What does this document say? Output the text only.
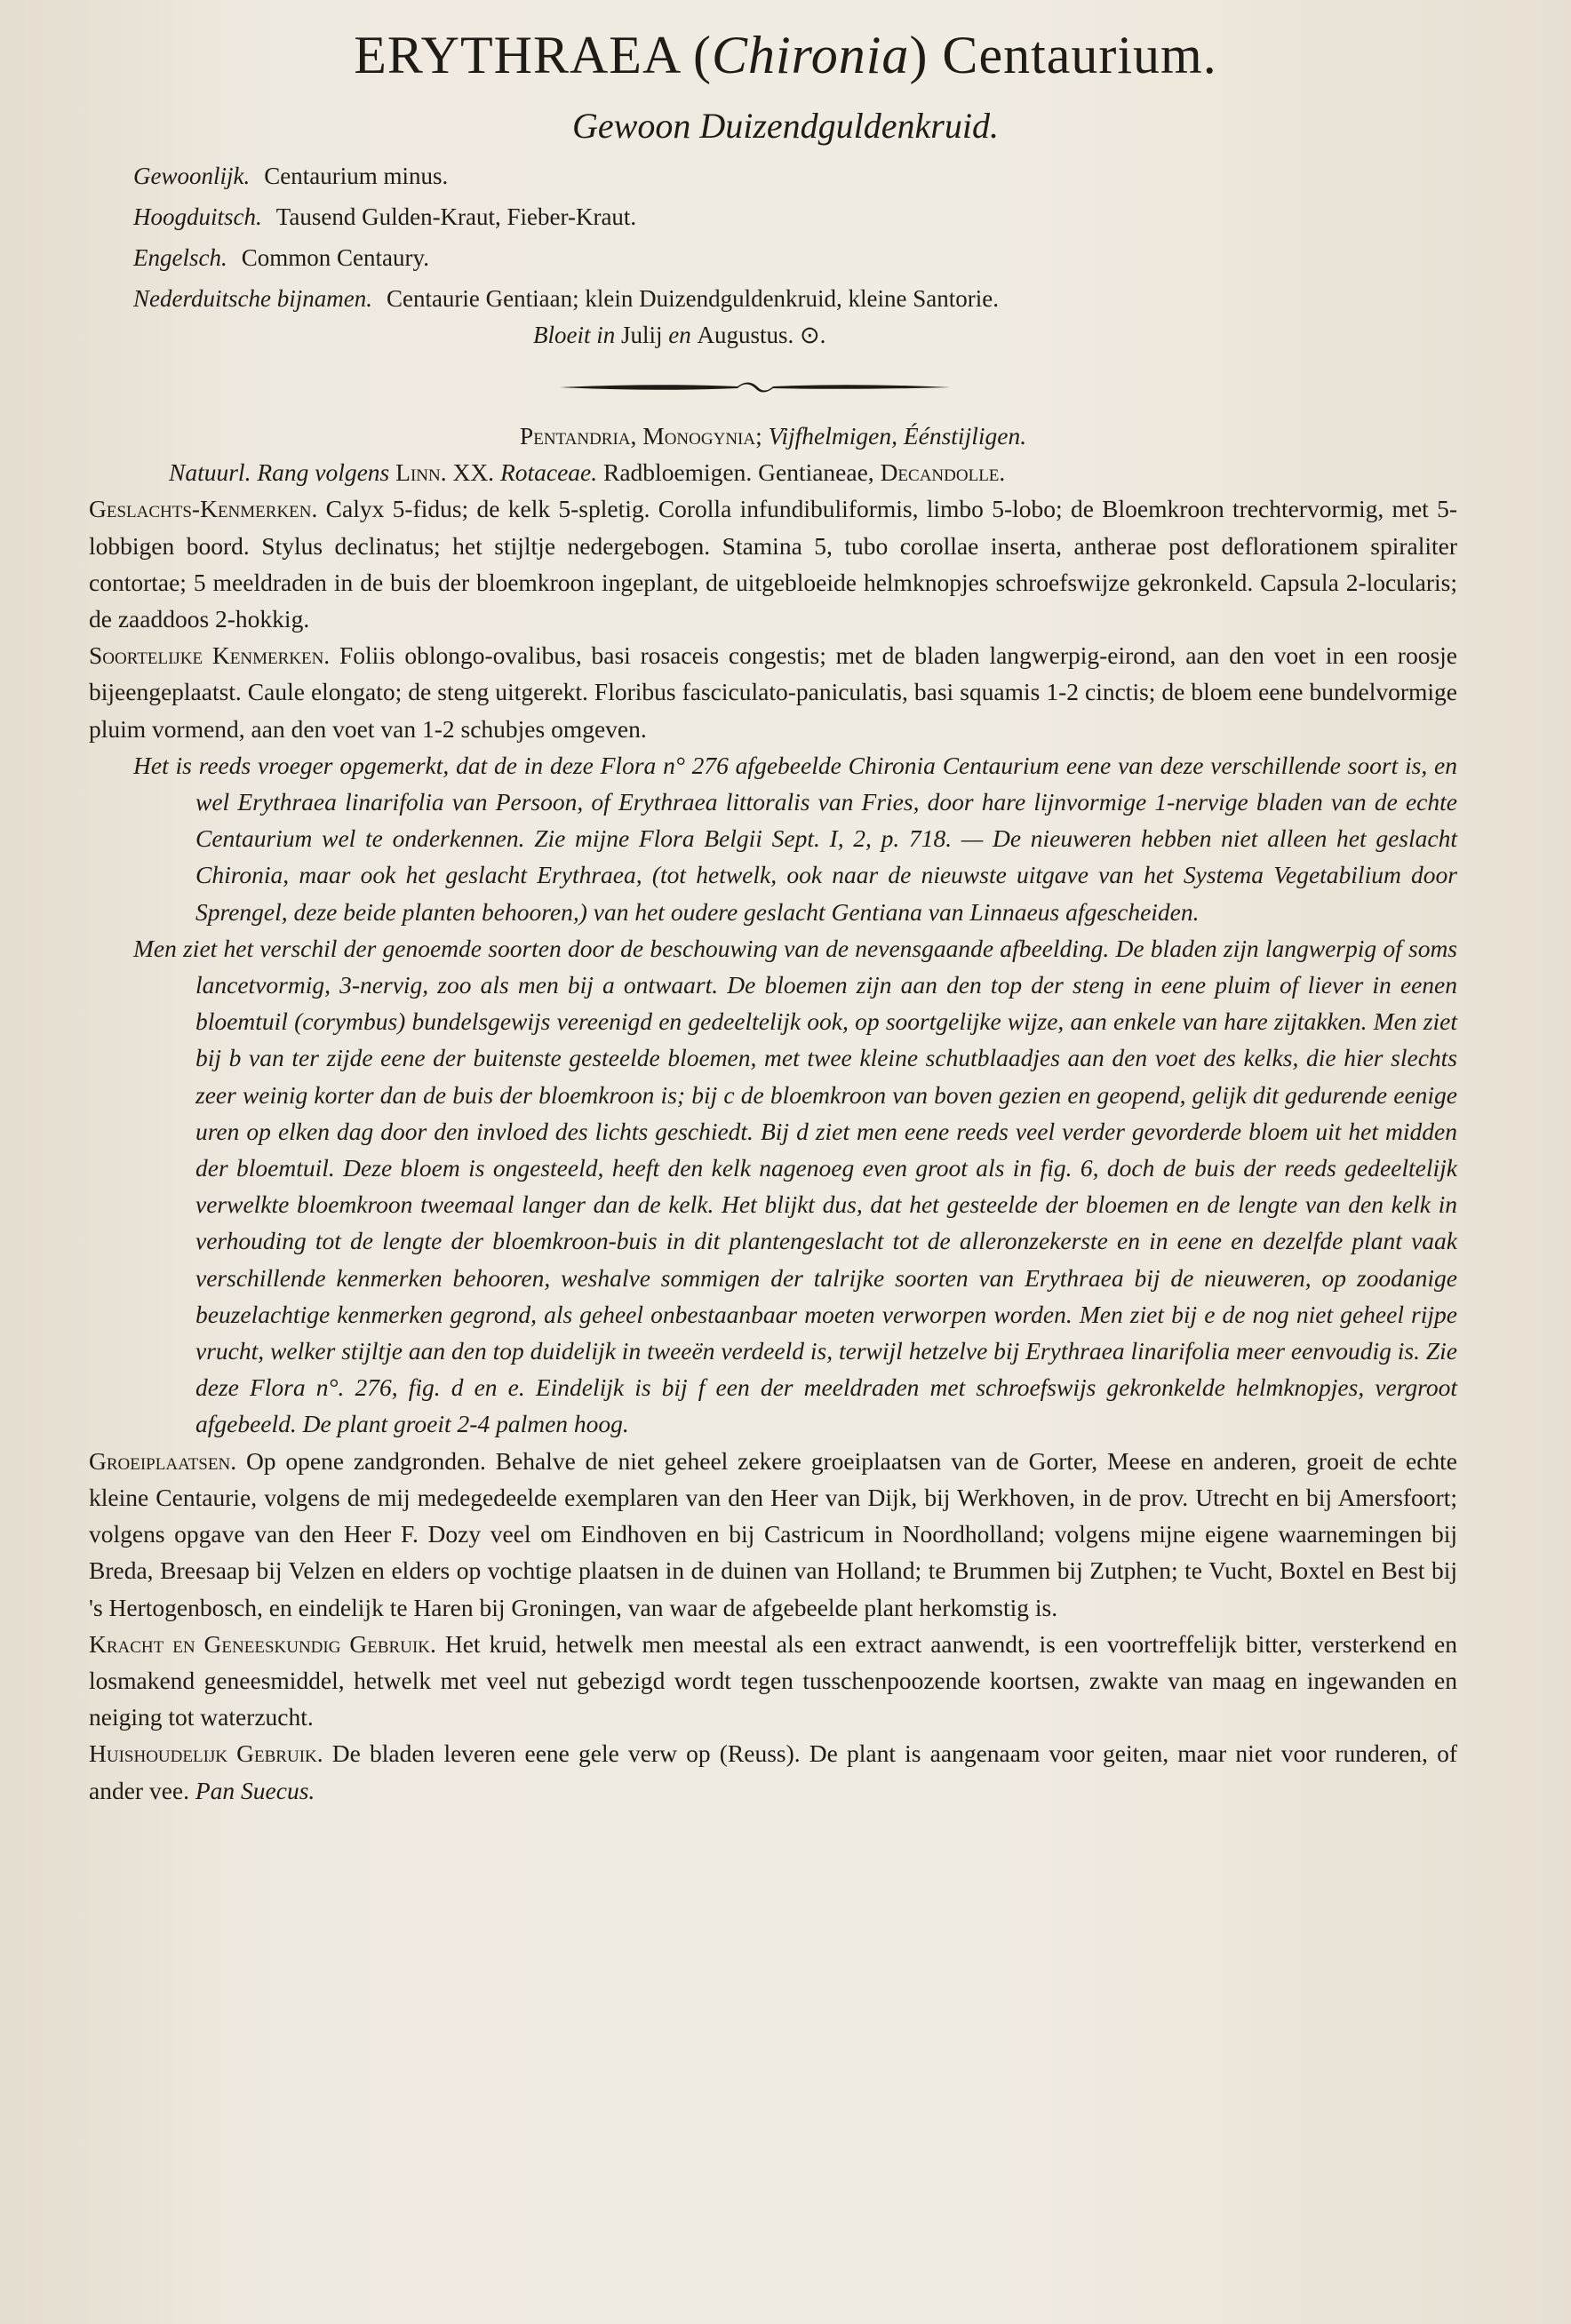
ERYTHRAEA (Chironia) Centaurium.
Gewoon Duizendguldenkruid.
Gewoonlijk. Centaurium minus.
Hoogduitsch. Tausend Gulden-Kraut, Fieber-Kraut.
Engelsch. Common Centaury.
Nederduitsche bijnamen. Centaurie Gentiaan; klein Duizendguldenkruid, kleine Santorie.
Bloeit in Julij en Augustus. ⊙.

Pentandria, Monogynia; Vijfhelmigen, Éénstijligen.

Natuurl. Rang volgens Linn. XX. Rotaceae. Radbloemigen. Gentianeae, Decandolle.

Geslachts-Kenmerken. Calyx 5-fidus; de kelk 5-spletig. Corolla infundibuliformis, limbo 5-lobo; de Bloemkroon trechtervormig, met 5-lobbigen boord. Stylus declinatus; het stijltje nedergebogen. Stamina 5, tubo corollae inserta, antherae post deflorationem spiraliter contortae; 5 meeldraden in de buis der bloemkroon ingeplant, de uitgebloeide helmknopjes schroefswijze gekronkeld. Capsula 2-locularis; de zaaddoos 2-hokkig.

Soortelijke Kenmerken. Foliis oblongo-ovalibus, basi rosaceis congestis; met de bladen langwerpig-eirond, aan den voet in een roosje bijeengeplaatst. Caule elongato; de steng uitgerekt. Floribus fasciculato-paniculatis, basi squamis 1-2 cinctis; de bloem eene bundelvormige pluim vormend, aan den voet van 1-2 schubjes omgeven.

Het is reeds vroeger opgemerkt, dat de in deze Flora n° 276 afgebeelde Chironia Centaurium eene van deze verschillende soort is, en wel Erythraea linarifolia van Persoon, of Erythraea littoralis van Fries, door hare lijnvormige 1-nervige bladen van de echte Centaurium wel te onderkennen. Zie mijne Flora Belgii Sept. I, 2, p. 718. — De nieuweren hebben niet alleen het geslacht Chironia, maar ook het geslacht Erythraea, (tot hetwelk, ook naar de nieuwste uitgave van het Systema Vegetabilium door Sprengel, deze beide planten behooren,) van het oudere geslacht Gentiana van Linnaeus afgescheiden.

Men ziet het verschil der genoemde soorten door de beschouwing van de nevensgaande afbeelding. De bladen zijn langwerpig of soms lancetvormig, 3-nervig, zoo als men bij a ontwaart. De bloemen zijn aan den top der steng in eene pluim of liever in eenen bloemtuil (corymbus) bundelsgewijs vereenigd en gedeeltelijk ook, op soortgelijke wijze, aan enkele van hare zijtakken. Men ziet bij b van ter zijde eene der buitenste gesteelde bloemen, met twee kleine schutblaadjes aan den voet des kelks, die hier slechts zeer weinig korter dan de buis der bloemkroon is; bij c de bloemkroon van boven gezien en geopend, gelijk dit gedurende eenige uren op elken dag door den invloed des lichts geschiedt. Bij d ziet men eene reeds veel verder gevorderde bloem uit het midden der bloemtuil. Deze bloem is ongesteeld, heeft den kelk nagenoeg even groot als in fig. 6, doch de buis der reeds gedeeltelijk verwelkte bloemkroon tweemaal langer dan de kelk. Het blijkt dus, dat het gesteelde der bloemen en de lengte van den kelk in verhouding tot de lengte der bloemkroon-buis in dit plantengeslacht tot de alleronzekerste en in eene en dezelfde plant vaak verschillende kenmerken behooren, weshalve sommigen der talrijke soorten van Erythraea bij de nieuweren, op zoodanige beuzelachtige kenmerken gegrond, als geheel onbestaanbaar moeten verworpen worden. Men ziet bij e de nog niet geheel rijpe vrucht, welker stijltje aan den top duidelijk in tweeën verdeeld is, terwijl hetzelve bij Erythraea linarifolia meer eenvoudig is. Zie deze Flora n°. 276, fig. d en e. Eindelijk is bij f een der meeldraden met schroefswijs gekronkelde helmknopjes, vergroot afgebeeld. De plant groeit 2-4 palmen hoog.

Groeiplaatsen. Op opene zandgronden. Behalve de niet geheel zekere groeiplaatsen van de Gorter, Meese en anderen, groeit de echte kleine Centaurie, volgens de mij medegedeelde exemplaren van den Heer van Dijk, bij Werkhoven, in de prov. Utrecht en bij Amersfoort; volgens opgave van den Heer F. Dozy veel om Eindhoven en bij Castricum in Noordholland; volgens mijne eigene waarnemingen bij Breda, Breesaap bij Velzen en elders op vochtige plaatsen in de duinen van Holland; te Brummen bij Zutphen; te Vucht, Boxtel en Best bij 's Hertogenbosch, en eindelijk te Haren bij Groningen, van waar de afgebeelde plant herkomstig is.

Kracht en Geneeskundig Gebruik. Het kruid, hetwelk men meestal als een extract aanwendt, is een voortreffelijk bitter, versterkend en losmakend geneesmiddel, hetwelk met veel nut gebezigd wordt tegen tusschenpoozende koortsen, zwakte van maag en ingewanden en neiging tot waterzucht.

Huishoudelijk Gebruik. De bladen leveren eene gele verw op (Reuss). De plant is aangenaam voor geiten, maar niet voor runderen, of ander vee. Pan Suecus.
